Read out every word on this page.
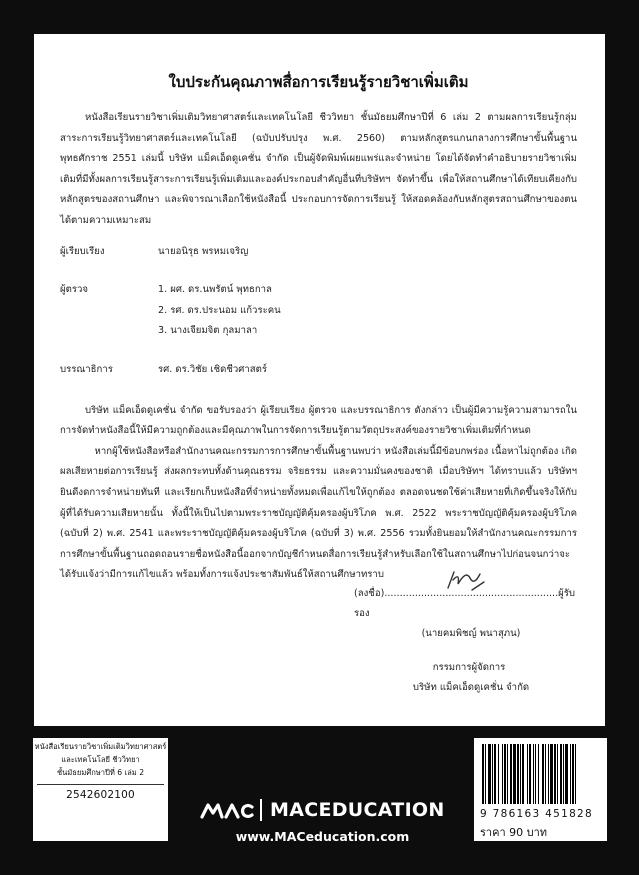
ใบประกันคุณภาพสื่อการเรียนรู้รายวิชาเพิ่มเติม

หนังสือเรียนรายวิชาเพิ่มเติมวิทยาศาสตร์และเทคโนโลยี ชีววิทยา ชั้นมัธยมศึกษาปีที่ 6 เล่ม 2 ตามผลการเรียนรู้กลุ่มสาระการเรียนรู้วิทยาศาสตร์และเทคโนโลยี (ฉบับปรับปรุง พ.ศ. 2560) ตามหลักสูตรแกนกลางการศึกษาขั้นพื้นฐาน พุทธศักราช 2551 เล่มนี้ บริษัท แม็คเอ็ดดูเคชั่น จำกัด เป็นผู้จัดพิมพ์เผยแพร่และจำหน่าย โดยได้จัดทำคำอธิบายรายวิชาเพิ่มเติมที่มีทั้งผลการเรียนรู้สาระการเรียนรู้เพิ่มเติมและองค์ประกอบสำคัญอื่นที่บริษัทฯ จัดทำขึ้น เพื่อให้สถานศึกษาได้เทียบเคียงกับหลักสูตรของสถานศึกษา และพิจารณาเลือกใช้หนังสือนี้ ประกอบการจัดการเรียนรู้ ให้สอดคล้องกับหลักสูตรสถานศึกษาของตนได้ตามความเหมาะสม

ผู้เรียบเรียง	นายอนิรุธ พรหมเจริญ
ผู้ตรวจ	1. ผศ. ดร.นพรัตน์ พุทธกาล
2. รศ. ดร.ประนอม แก้วระคน
3. นางเจียมจิต กุลมาลา
บรรณาธิการ	รศ. ดร.วิชัย เชิดชีวศาสตร์

บริษัท แม็คเอ็ดดูเคชั่น จำกัด ขอรับรองว่า ผู้เรียบเรียง ผู้ตรวจ และบรรณาธิการ ดังกล่าว เป็นผู้มีความรู้ความสามารถในการจัดทำหนังสือนี้ให้มีความถูกต้องและมีคุณภาพในการจัดการเรียนรู้ตามวัตถุประสงค์ของรายวิชาเพิ่มเติมที่กำหนด

หากผู้ใช้หนังสือหรือสำนักงานคณะกรรมการการศึกษาขั้นพื้นฐานพบว่า หนังสือเล่มนี้มีข้อบกพร่อง เนื้อหาไม่ถูกต้อง เกิดผลเสียหายต่อการเรียนรู้ ส่งผลกระทบทั้งด้านคุณธรรม จริยธรรม และความมั่นคงของชาติ เมื่อบริษัทฯ ได้ทราบแล้ว บริษัทฯ ยินดีงดการจำหน่ายทันที และเรียกเก็บหนังสือที่จำหน่ายทั้งหมดเพื่อแก้ไขให้ถูกต้อง ตลอดจนชดใช้ค่าเสียหายที่เกิดขึ้นจริงให้กับผู้ที่ได้รับความเสียหายนั้น ทั้งนี้ให้เป็นไปตามพระราชบัญญัติคุ้มครองผู้บริโภค พ.ศ. 2522 พระราชบัญญัติคุ้มครองผู้บริโภค (ฉบับที่ 2) พ.ศ. 2541 และพระราชบัญญัติคุ้มครองผู้บริโภค (ฉบับที่ 3) พ.ศ. 2556 รวมทั้งยินยอมให้สำนักงานคณะกรรมการการศึกษาขั้นพื้นฐานถอดถอนรายชื่อหนังสือนี้ออกจากบัญชีกำหนดสื่อการเรียนรู้สำหรับเลือกใช้ในสถานศึกษาไปก่อนจนกว่าจะได้รับแจ้งว่ามีการแก้ไขแล้ว พร้อมทั้งการแจ้งประชาสัมพันธ์ให้สถานศึกษาทราบ

(ลงชื่อ).........................................................ผู้รับรอง
(นายคมพิชญ์ พนาสุภน)
กรรมการผู้จัดการ
บริษัท แม็คเอ็ดดูเคชั่น จำกัด
หนังสือเรียนรายวิชาเพิ่มเติมวิทยาศาสตร์
และเทคโนโลยี ชีววิทยา
ชั้นมัธยมศึกษาปีที่ 6 เล่ม 2
2542602100
MACEDUCATION
www.MACeducation.com
9 786163 451828
ราคา 90 บาท
